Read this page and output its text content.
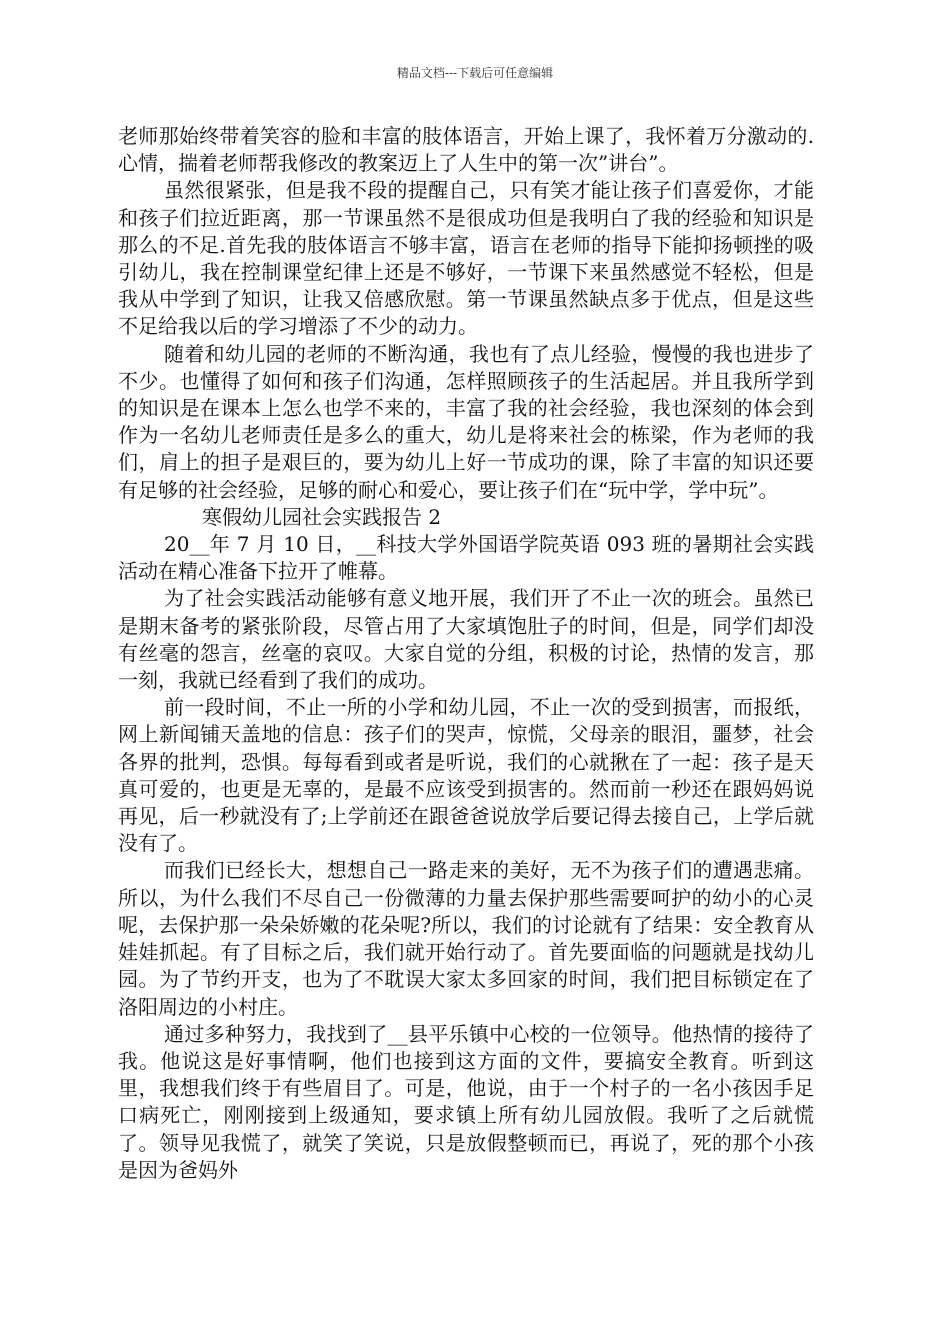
精品文档---下载后可任意编辑

老师那始终带着笑容的脸和丰富的肢体语言，开始上课了，我怀着万分激动的.心情，揣着老师帮我修改的教案迈上了人生中的第一次”讲台”。

虽然很紧张，但是我不段的提醒自己，只有笑才能让孩子们喜爱你，才能和孩子们拉近距离，那一节课虽然不是很成功但是我明白了我的经验和知识是那么的不足.首先我的肢体语言不够丰富，语言在老师的指导下能抑扬顿挫的吸引幼儿，我在控制课堂纪律上还是不够好，一节课下来虽然感觉不轻松，但是我从中学到了知识，让我又倍感欣慰。第一节课虽然缺点多于优点，但是这些不足给我以后的学习增添了不少的动力。

随着和幼儿园的老师的不断沟通，我也有了点儿经验，慢慢的我也进步了不少。也懂得了如何和孩子们沟通，怎样照顾孩子的生活起居。并且我所学到的知识是在课本上怎么也学不来的，丰富了我的社会经验，我也深刻的体会到作为一名幼儿老师责任是多么的重大，幼儿是将来社会的栋梁，作为老师的我们，肩上的担子是艰巨的，要为幼儿上好一节成功的课，除了丰富的知识还要有足够的社会经验，足够的耐心和爱心，要让孩子们在“玩中学，学中玩”。

寒假幼儿园社会实践报告 2

20__年 7 月 10 日，__科技大学外国语学院英语 093 班的暑期社会实践活动在精心准备下拉开了帷幕。

为了社会实践活动能够有意义地开展，我们开了不止一次的班会。虽然已是期末备考的紧张阶段，尽管占用了大家填饱肚子的时间，但是，同学们却没有丝毫的怨言，丝毫的哀叹。大家自觉的分组，积极的讨论，热情的发言，那一刻，我就已经看到了我们的成功。

前一段时间，不止一所的小学和幼儿园，不止一次的受到损害，而报纸，网上新闻铺天盖地的信息：孩子们的哭声，惊慌，父母亲的眼泪，噩梦，社会各界的批判，恐惧。每每看到或者是听说，我们的心就揪在了一起：孩子是天真可爱的，也更是无辜的，是最不应该受到损害的。然而前一秒还在跟妈妈说再见，后一秒就没有了;上学前还在跟爸爸说放学后要记得去接自己，上学后就没有了。

而我们已经长大，想想自己一路走来的美好，无不为孩子们的遭遇悲痛。所以，为什么我们不尽自己一份微薄的力量去保护那些需要呵护的幼小的心灵呢，去保护那一朵朵娇嫩的花朵呢?所以，我们的讨论就有了结果：安全教育从娃娃抓起。有了目标之后，我们就开始行动了。首先要面临的问题就是找幼儿园。为了节约开支，也为了不耽误大家太多回家的时间，我们把目标锁定在了洛阳周边的小村庄。

通过多种努力，我找到了__县平乐镇中心校的一位领导。他热情的接待了我。他说这是好事情啊，他们也接到这方面的文件，要搞安全教育。听到这里，我想我们终于有些眉目了。可是，他说，由于一个村子的一名小孩因手足口病死亡，刚刚接到上级通知，要求镇上所有幼儿园放假。我听了之后就慌了。领导见我慌了，就笑了笑说，只是放假整顿而已，再说了，死的那个小孩是因为爸妈外
